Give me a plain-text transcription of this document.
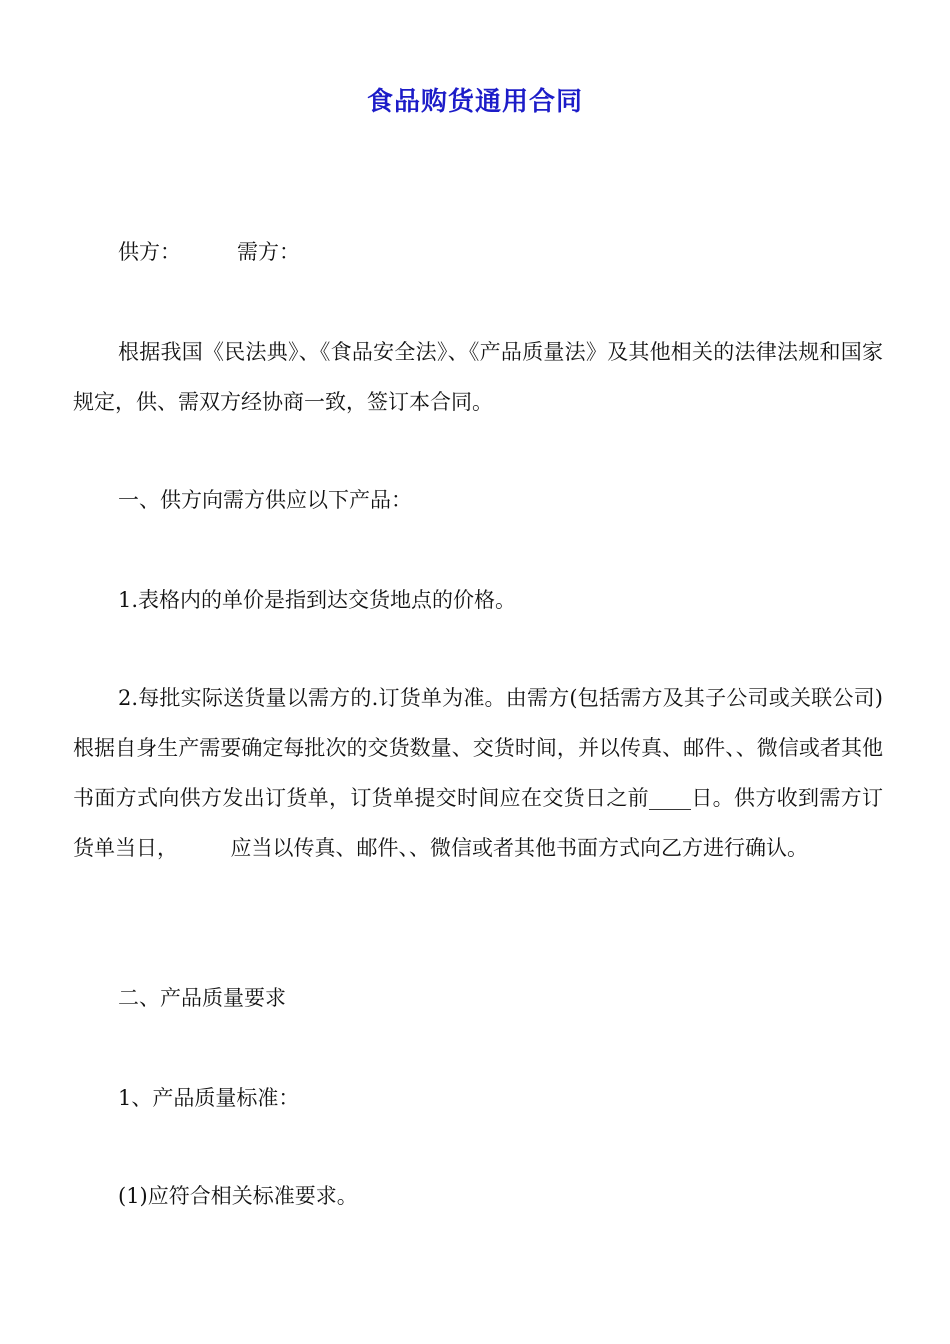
食品购货通用合同
供方：	需方：

根据我国《民法典》、《食品安全法》、《产品质量法》及其他相关的法律法规和国家规定，供、需双方经协商一致，签订本合同。

一、供方向需方供应以下产品：

1.表格内的单价是指到达交货地点的价格。

2.每批实际送货量以需方的.订货单为准。由需方(包括需方及其子公司或关联公司)根据自身生产需要确定每批次的交货数量、交货时间，并以传真、邮件、、微信或者其他书面方式向供方发出订货单，订货单提交时间应在交货日之前____日。供方收到需方订货单当日，　　　应当以传真、邮件、、微信或者其他书面方式向乙方进行确认。

二、产品质量要求

1、产品质量标准：

(1)应符合相关标准要求。
